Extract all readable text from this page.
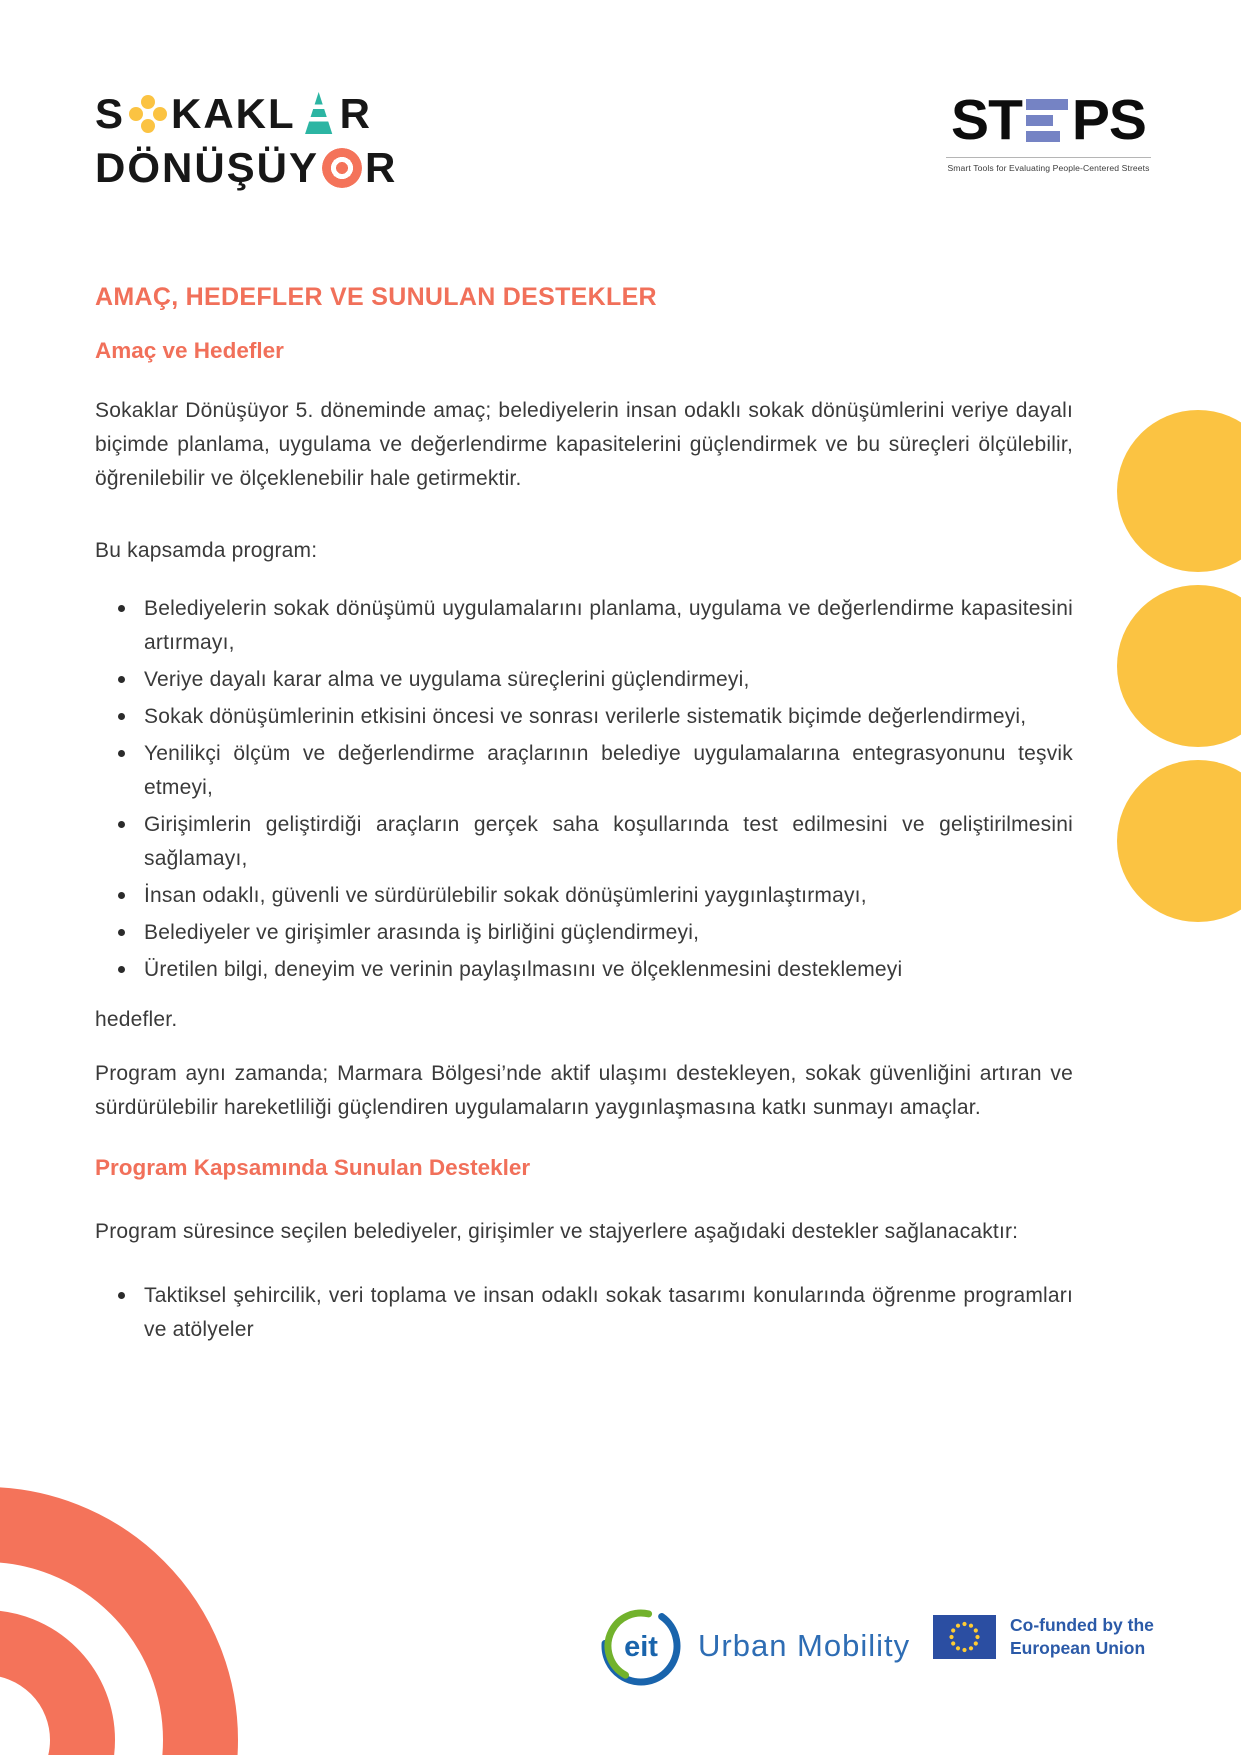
S KAKL R
DÖNÜŞÜY R
ST PS
Smart Tools for Evaluating People-Centered Streets
AMAÇ, HEDEFLER VE SUNULAN DESTEKLER
Amaç ve Hedefler

Sokaklar Dönüşüyor 5. döneminde amaç; belediyelerin insan odaklı sokak dönüşümlerini veriye dayalı biçimde planlama, uygulama ve değerlendirme kapasitelerini güçlendirmek ve bu süreçleri ölçülebilir, öğrenilebilir ve ölçeklenebilir hale getirmektir.

Bu kapsamda program:

Belediyelerin sokak dönüşümü uygulamalarını planlama, uygulama ve değerlendirme kapasitesini artırmayı,
Veriye dayalı karar alma ve uygulama süreçlerini güçlendirmeyi,
Sokak dönüşümlerinin etkisini öncesi ve sonrası verilerle sistematik biçimde değerlendirmeyi,
Yenilikçi ölçüm ve değerlendirme araçlarının belediye uygulamalarına entegrasyonunu teşvik etmeyi,
Girişimlerin geliştirdiği araçların gerçek saha koşullarında test edilmesini ve geliştirilmesini sağlamayı,
İnsan odaklı, güvenli ve sürdürülebilir sokak dönüşümlerini yaygınlaştırmayı,
Belediyeler ve girişimler arasında iş birliğini güçlendirmeyi,
Üretilen bilgi, deneyim ve verinin paylaşılmasını ve ölçeklenmesini desteklemeyi

hedefler.

Program aynı zamanda; Marmara Bölgesi’nde aktif ulaşımı destekleyen, sokak güvenliğini artıran ve sürdürülebilir hareketliliği güçlendiren uygulamaların yaygınlaşmasına katkı sunmayı amaçlar.

Program Kapsamında Sunulan Destekler

Program süresince seçilen belediyeler, girişimler ve stajyerlere aşağıdaki destekler sağlanacaktır:

Taktiksel şehircilik, veri toplama ve insan odaklı sokak tasarımı konularında öğrenme programları ve atölyeler
eit Urban Mobility
Co-funded by the
European Union
